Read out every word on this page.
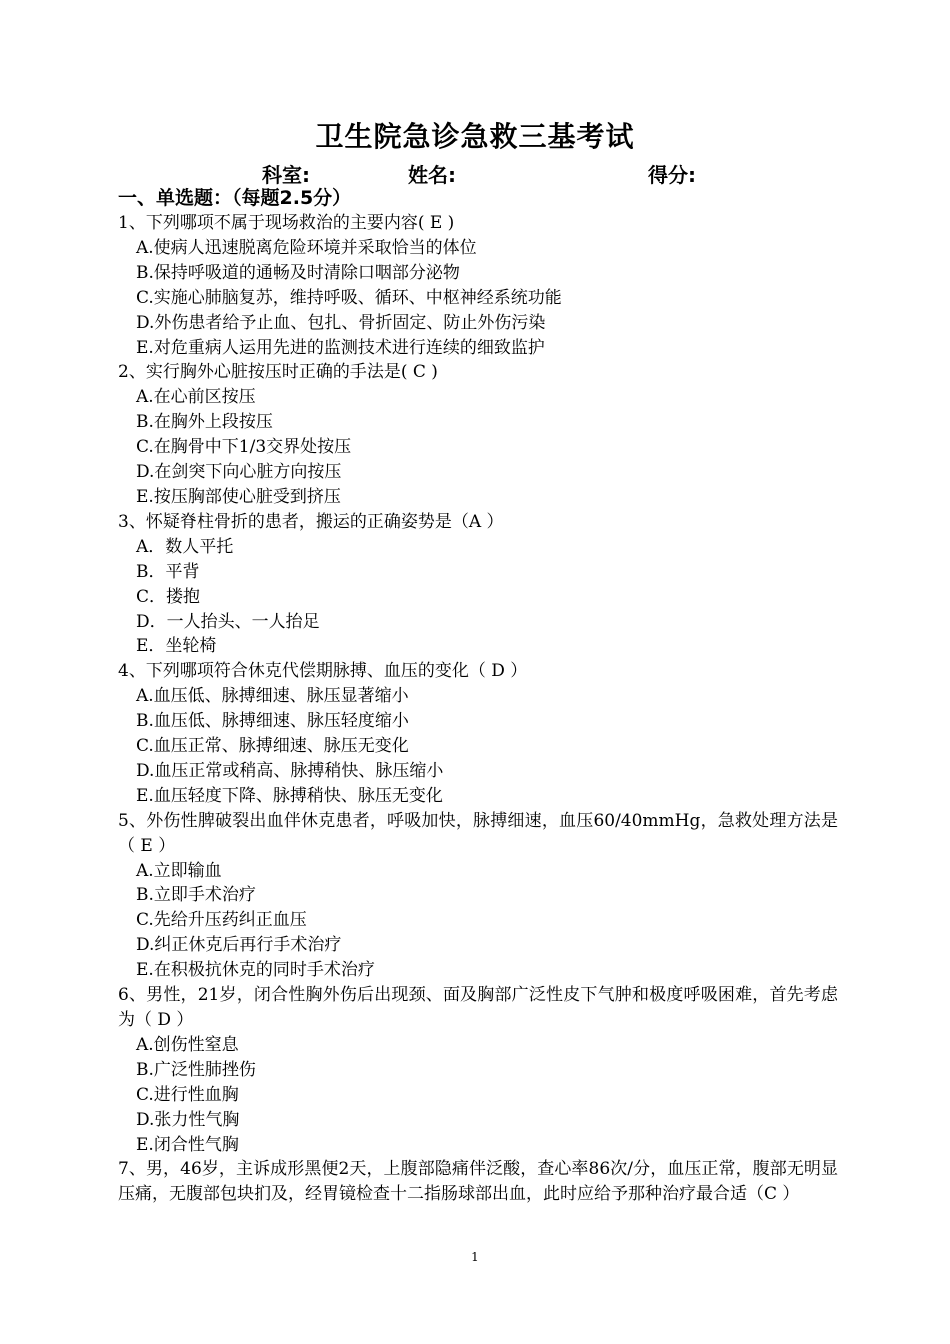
卫生院急诊急救三基考试
科室:	姓名:	得分:
一、单选题：（每题2.5分）

1、下列哪项不属于现场救治的主要内容( E )

A.使病人迅速脱离危险环境并采取恰当的体位
B.保持呼吸道的通畅及时清除口咽部分泌物
C.实施心肺脑复苏，维持呼吸、循环、中枢神经系统功能
D.外伤患者给予止血、包扎、骨折固定、防止外伤污染
E.对危重病人运用先进的监测技术进行连续的细致监护

2、实行胸外心脏按压时正确的手法是( C )

A.在心前区按压
B.在胸外上段按压
C.在胸骨中下1/3交界处按压
D.在剑突下向心脏方向按压
E.按压胸部使心脏受到挤压

3、怀疑脊柱骨折的患者，搬运的正确姿势是（A ）

A．数人平托
B．平背
C．搂抱
D．一人抬头、一人抬足
E．坐轮椅

4、下列哪项符合休克代偿期脉搏、血压的变化（ D ）

A.血压低、脉搏细速、脉压显著缩小
B.血压低、脉搏细速、脉压轻度缩小
C.血压正常、脉搏细速、脉压无变化
D.血压正常或稍高、脉搏稍快、脉压缩小
E.血压轻度下降、脉搏稍快、脉压无变化

5、外伤性脾破裂出血伴休克患者，呼吸加快，脉搏细速，血压60/40mmHg，急救处理方法是（ E ）

A.立即输血
B.立即手术治疗
C.先给升压药纠正血压
D.纠正休克后再行手术治疗
E.在积极抗休克的同时手术治疗

6、男性，21岁，闭合性胸外伤后出现颈、面及胸部广泛性皮下气肿和极度呼吸困难，首先考虑为（ D ）

A.创伤性窒息
B.广泛性肺挫伤
C.进行性血胸
D.张力性气胸
E.闭合性气胸

7、男，46岁，主诉成形黑便2天，上腹部隐痛伴泛酸，查心率86次/分，血压正常，腹部无明显压痛，无腹部包块扪及，经胃镜检查十二指肠球部出血，此时应给予那种治疗最合适（C ）

1
